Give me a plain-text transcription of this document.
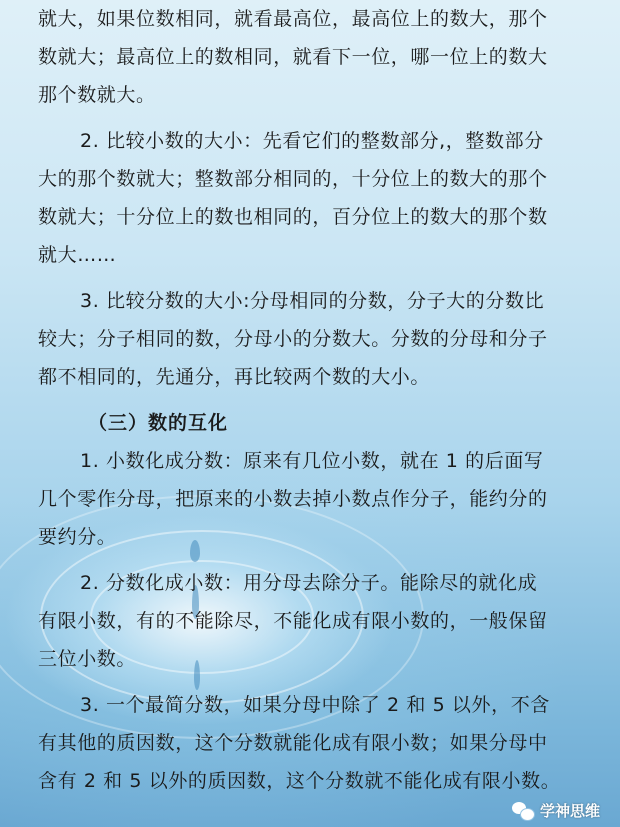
就大，如果位数相同，就看最高位，最高位上的数大，那个
数就大；最高位上的数相同，就看下一位，哪一位上的数大
那个数就大。
2. 比较小数的大小：先看它们的整数部分,，整数部分
大的那个数就大；整数部分相同的，十分位上的数大的那个
数就大；十分位上的数也相同的，百分位上的数大的那个数
就大……
3. 比较分数的大小:分母相同的分数，分子大的分数比
较大；分子相同的数，分母小的分数大。分数的分母和分子
都不相同的，先通分，再比较两个数的大小。
（三）数的互化
1. 小数化成分数：原来有几位小数，就在 1 的后面写
几个零作分母，把原来的小数去掉小数点作分子，能约分的
要约分。
2. 分数化成小数：用分母去除分子。能除尽的就化成
有限小数，有的不能除尽，不能化成有限小数的，一般保留
三位小数。
3. 一个最简分数，如果分母中除了 2 和 5 以外，不含
有其他的质因数，这个分数就能化成有限小数；如果分母中
含有 2 和 5 以外的质因数，这个分数就不能化成有限小数。
学神思维
